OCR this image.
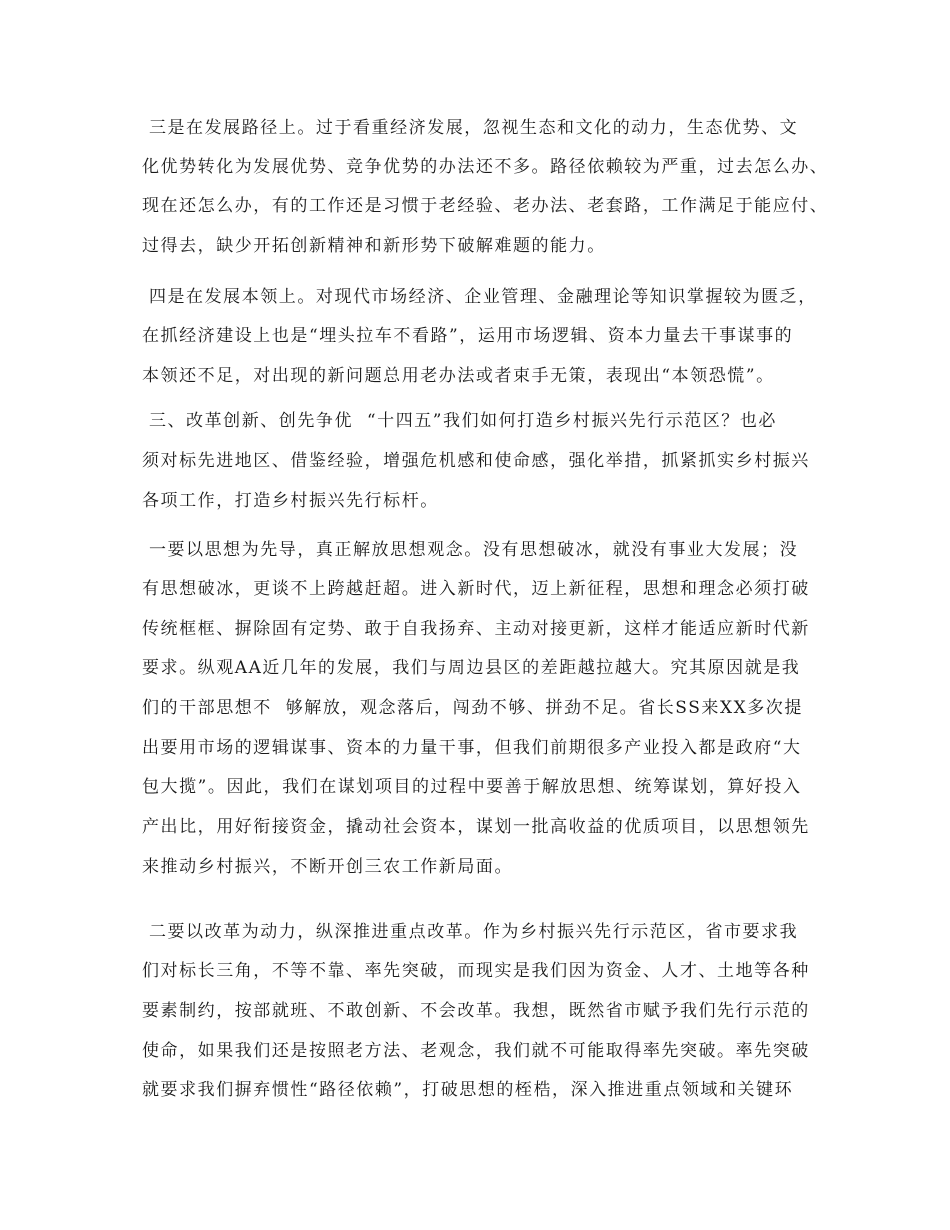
三是在发展路径上。过于看重经济发展，忽视生态和文化的动力，生态优势、文
化优势转化为发展优势、竞争优势的办法还不多。路径依赖较为严重，过去怎么办、
现在还怎么办，有的工作还是习惯于老经验、老办法、老套路，工作满足于能应付、
过得去，缺少开拓创新精神和新形势下破解难题的能力。
四是在发展本领上。对现代市场经济、企业管理、金融理论等知识掌握较为匮乏，
在抓经济建设上也是“埋头拉车不看路”，运用市场逻辑、资本力量去干事谋事的
本领还不足，对出现的新问题总用老办法或者束手无策，表现出“本领恐慌”。
三、改革创新、创先争优  “十四五”我们如何打造乡村振兴先行示范区？也必
须对标先进地区、借鉴经验，增强危机感和使命感，强化举措，抓紧抓实乡村振兴
各项工作，打造乡村振兴先行标杆。
一要以思想为先导，真正解放思想观念。没有思想破冰，就没有事业大发展；没
有思想破冰，更谈不上跨越赶超。进入新时代，迈上新征程，思想和理念必须打破
传统框框、摒除固有定势、敢于自我扬弃、主动对接更新，这样才能适应新时代新
要求。纵观AA近几年的发展，我们与周边县区的差距越拉越大。究其原因就是我
们的干部思想不  够解放，观念落后，闯劲不够、拼劲不足。省长SS来XX多次提
出要用市场的逻辑谋事、资本的力量干事，但我们前期很多产业投入都是政府“大
包大揽”。因此，我们在谋划项目的过程中要善于解放思想、统筹谋划，算好投入
产出比，用好衔接资金，撬动社会资本，谋划一批高收益的优质项目，以思想领先
来推动乡村振兴，不断开创三农工作新局面。
二要以改革为动力，纵深推进重点改革。作为乡村振兴先行示范区，省市要求我
们对标长三角，不等不靠、率先突破，而现实是我们因为资金、人才、土地等各种
要素制约，按部就班、不敢创新、不会改革。我想，既然省市赋予我们先行示范的
使命，如果我们还是按照老方法、老观念，我们就不可能取得率先突破。率先突破
就要求我们摒弃惯性“路径依赖”，打破思想的桎梏，深入推进重点领域和关键环
